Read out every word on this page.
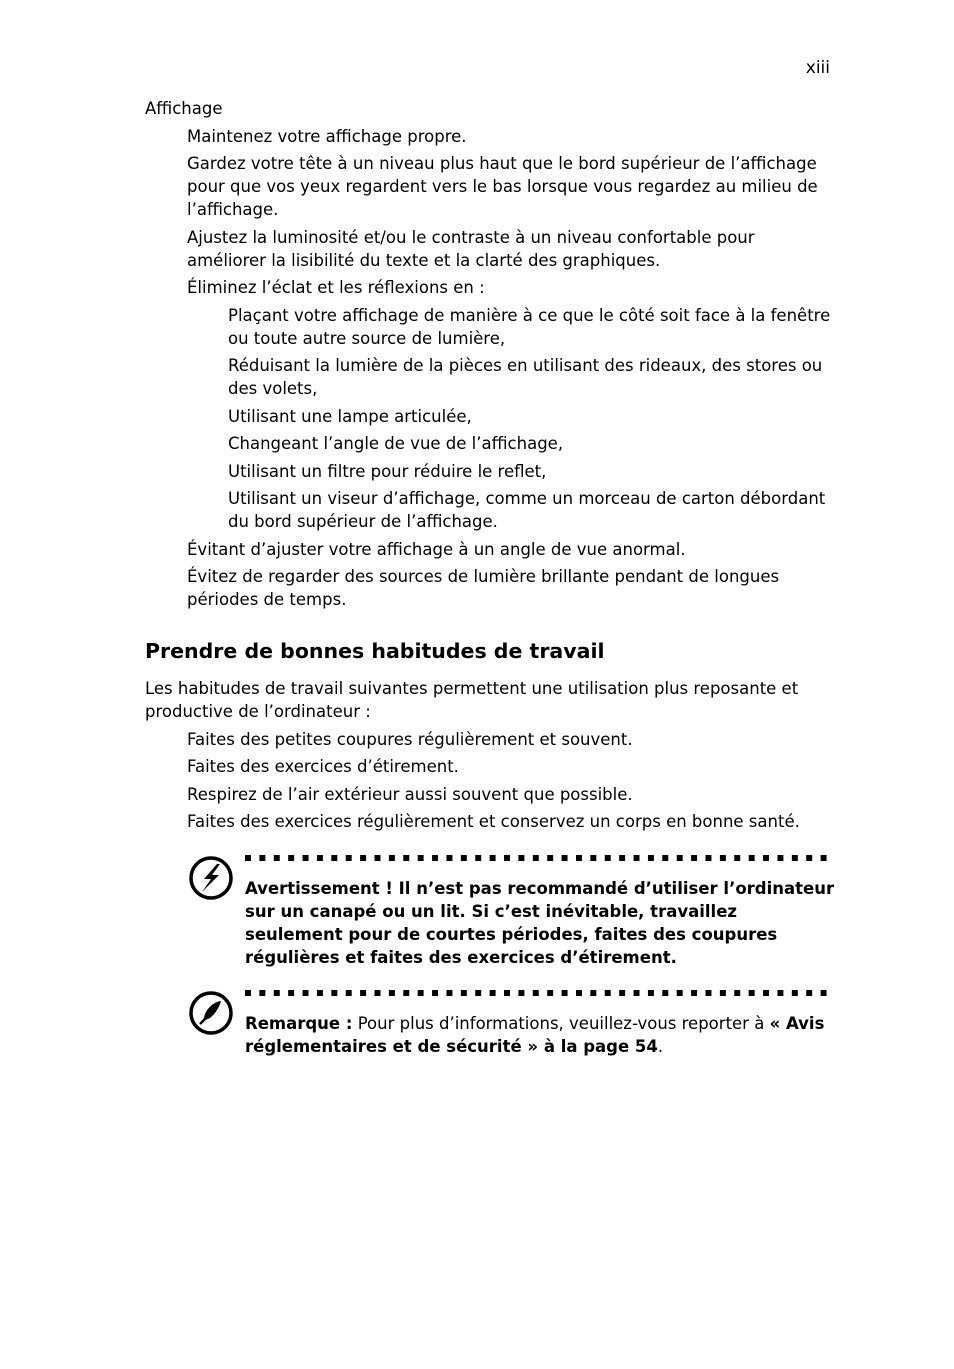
xiii

Affichage

Maintenez votre affichage propre.

Gardez votre tête à un niveau plus haut que le bord supérieur de l’affichage pour que vos yeux regardent vers le bas lorsque vous regardez au milieu de l’affichage.

Ajustez la luminosité et/ou le contraste à un niveau confortable pour améliorer la lisibilité du texte et la clarté des graphiques.

Éliminez l’éclat et les réflexions en :

Plaçant votre affichage de manière à ce que le côté soit face à la fenêtre ou toute autre source de lumière,

Réduisant la lumière de la pièces en utilisant des rideaux, des stores ou des volets,

Utilisant une lampe articulée,

Changeant l’angle de vue de l’affichage,

Utilisant un filtre pour réduire le reflet,

Utilisant un viseur d’affichage, comme un morceau de carton débordant du bord supérieur de l’affichage.

Évitant d’ajuster votre affichage à un angle de vue anormal.

Évitez de regarder des sources de lumière brillante pendant de longues périodes de temps.

Prendre de bonnes habitudes de travail

Les habitudes de travail suivantes permettent une utilisation plus reposante et productive de l’ordinateur :

Faites des petites coupures régulièrement et souvent.

Faites des exercices d’étirement.

Respirez de l’air extérieur aussi souvent que possible.

Faites des exercices régulièrement et conservez un corps en bonne santé.

Avertissement ! Il n’est pas recommandé d’utiliser l’ordinateur sur un canapé ou un lit. Si c’est inévitable, travaillez seulement pour de courtes périodes, faites des coupures régulières et faites des exercices d’étirement.
Remarque : Pour plus d’informations, veuillez-vous reporter à « Avis réglementaires et de sécurité » à la page 54.
